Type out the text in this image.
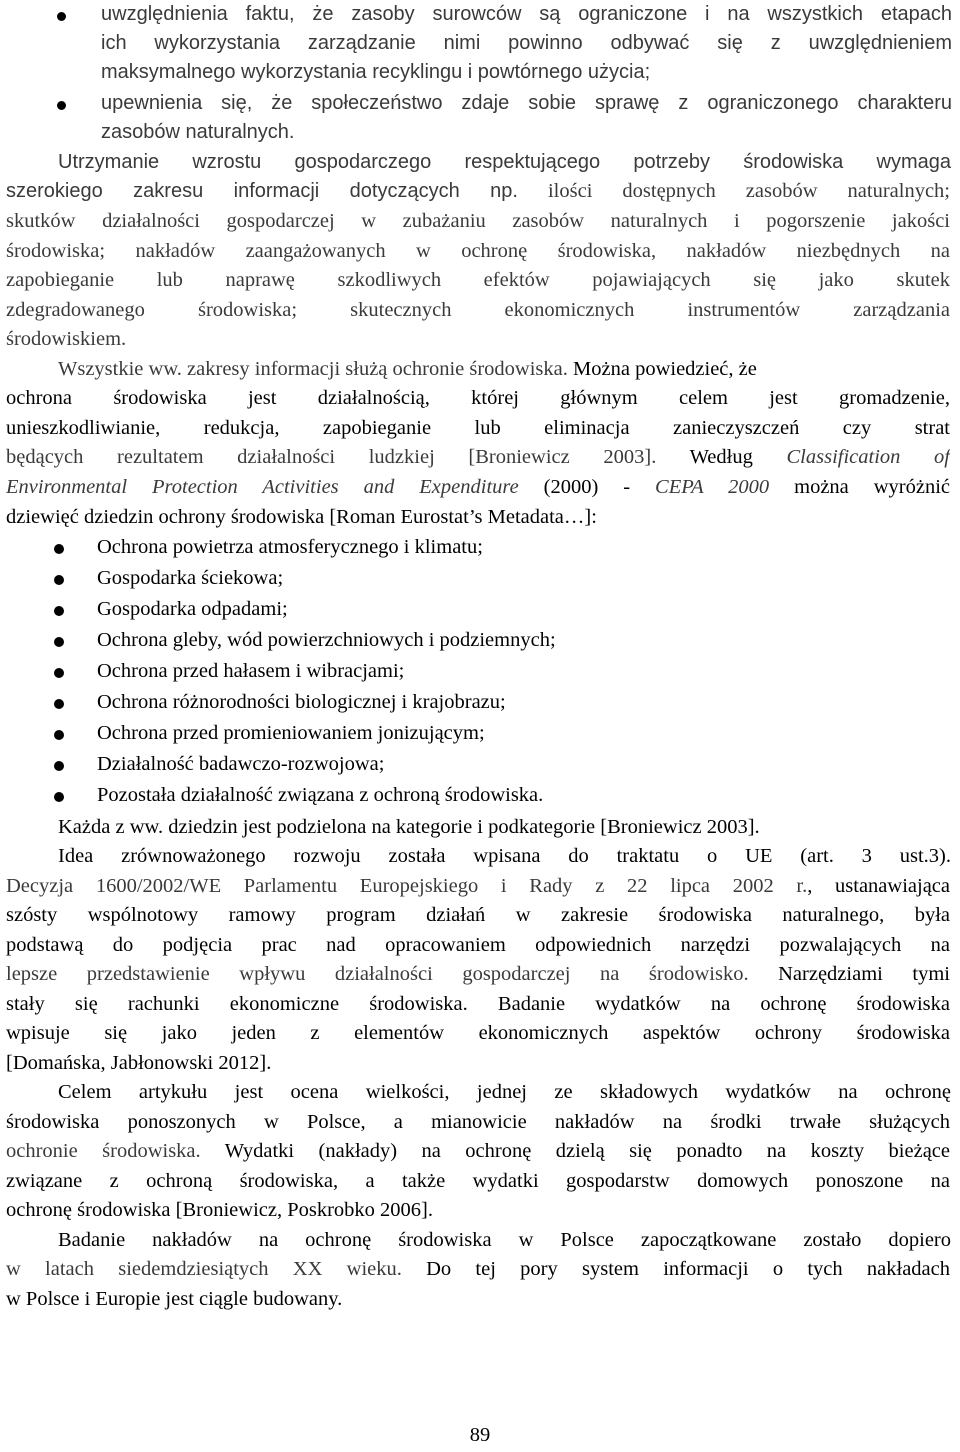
uwzględnienia faktu, że zasoby surowców są ograniczone i na wszystkich etapach
ich wykorzystania zarządzanie nimi powinno odbywać się z uwzględnieniem
maksymalnego wykorzystania recyklingu i powtórnego użycia;
upewnienia się, że społeczeństwo zdaje sobie sprawę z ograniczonego charakteru
zasobów naturalnych.
Utrzymanie wzrostu gospodarczego respektującego potrzeby środowiska wymaga
szerokiego zakresu informacji dotyczących np. ilości dostępnych zasobów naturalnych;
skutków działalności gospodarczej w zubażaniu zasobów naturalnych i pogorszenie jakości
środowiska; nakładów zaangażowanych w ochronę środowiska, nakładów niezbędnych na
zapobieganie lub naprawę szkodliwych efektów pojawiających się jako skutek
zdegradowanego środowiska; skutecznych ekonomicznych instrumentów zarządzania
środowiskiem.
Wszystkie ww. zakresy informacji służą ochronie środowiska. Można powiedzieć, że
ochrona środowiska jest działalnością, której głównym celem jest gromadzenie,
unieszkodliwianie, redukcja, zapobieganie lub eliminacja zanieczyszczeń czy strat
będących rezultatem działalności ludzkiej [Broniewicz 2003]. Według Classification of
Environmental Protection Activities and Expenditure (2000) - CEPA 2000 można wyróżnić
dziewięć dziedzin ochrony środowiska [Roman Eurostat’s Metadata…]:
Ochrona powietrza atmosferycznego i klimatu;
Gospodarka ściekowa;
Gospodarka odpadami;
Ochrona gleby, wód powierzchniowych i podziemnych;
Ochrona przed hałasem i wibracjami;
Ochrona różnorodności biologicznej i krajobrazu;
Ochrona przed promieniowaniem jonizującym;
Działalność badawczo-rozwojowa;
Pozostała działalność związana z ochroną środowiska.
Każda z ww. dziedzin jest podzielona na kategorie i podkategorie [Broniewicz 2003].
Idea zrównoważonego rozwoju została wpisana do traktatu o UE (art. 3 ust.3).
Decyzja 1600/2002/WE Parlamentu Europejskiego i Rady z 22 lipca 2002 r., ustanawiająca
szósty wspólnotowy ramowy program działań w zakresie środowiska naturalnego, była
podstawą do podjęcia prac nad opracowaniem odpowiednich narzędzi pozwalających na
lepsze przedstawienie wpływu działalności gospodarczej na środowisko. Narzędziami tymi
stały się rachunki ekonomiczne środowiska. Badanie wydatków na ochronę środowiska
wpisuje się jako jeden z elementów ekonomicznych aspektów ochrony środowiska
[Domańska, Jabłonowski 2012].
Celem artykułu jest ocena wielkości, jednej ze składowych wydatków na ochronę
środowiska ponoszonych w Polsce, a mianowicie nakładów na środki trwałe służących
ochronie środowiska. Wydatki (nakłady) na ochronę dzielą się ponadto na koszty bieżące
związane z ochroną środowiska, a także wydatki gospodarstw domowych ponoszone na
ochronę środowiska [Broniewicz, Poskrobko 2006].
Badanie nakładów na ochronę środowiska w Polsce zapoczątkowane zostało dopiero
w latach siedemdziesiątych XX wieku. Do tej pory system informacji o tych nakładach
w Polsce i Europie jest ciągle budowany.
89
